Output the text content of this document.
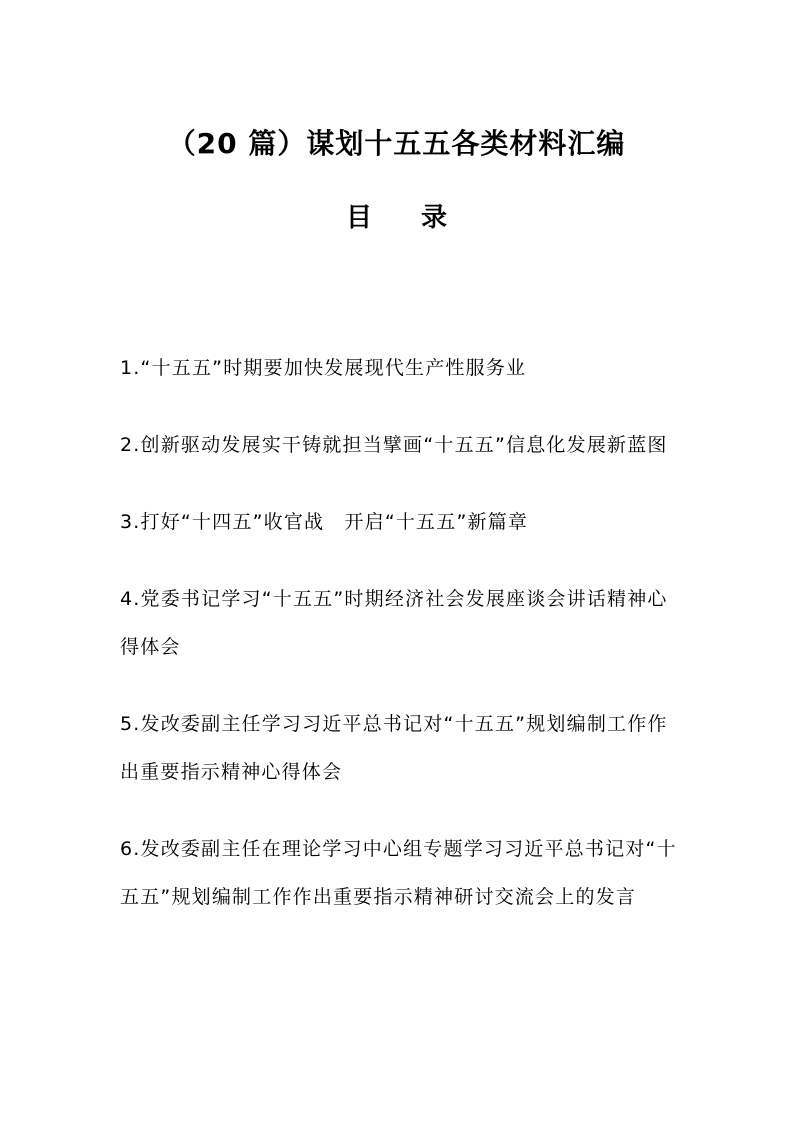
（20 篇）谋划十五五各类材料汇编
目 录
1.“十五五”时期要加快发展现代生产性服务业
2.创新驱动发展实干铸就担当擘画“十五五”信息化发展新蓝图
3.打好“十四五”收官战　开启“十五五”新篇章
4.党委书记学习“十五五”时期经济社会发展座谈会讲话精神心得体会
5.发改委副主任学习习近平总书记对“十五五”规划编制工作作出重要指示精神心得体会
6.发改委副主任在理论学习中心组专题学习习近平总书记对“十五五”规划编制工作作出重要指示精神研讨交流会上的发言
